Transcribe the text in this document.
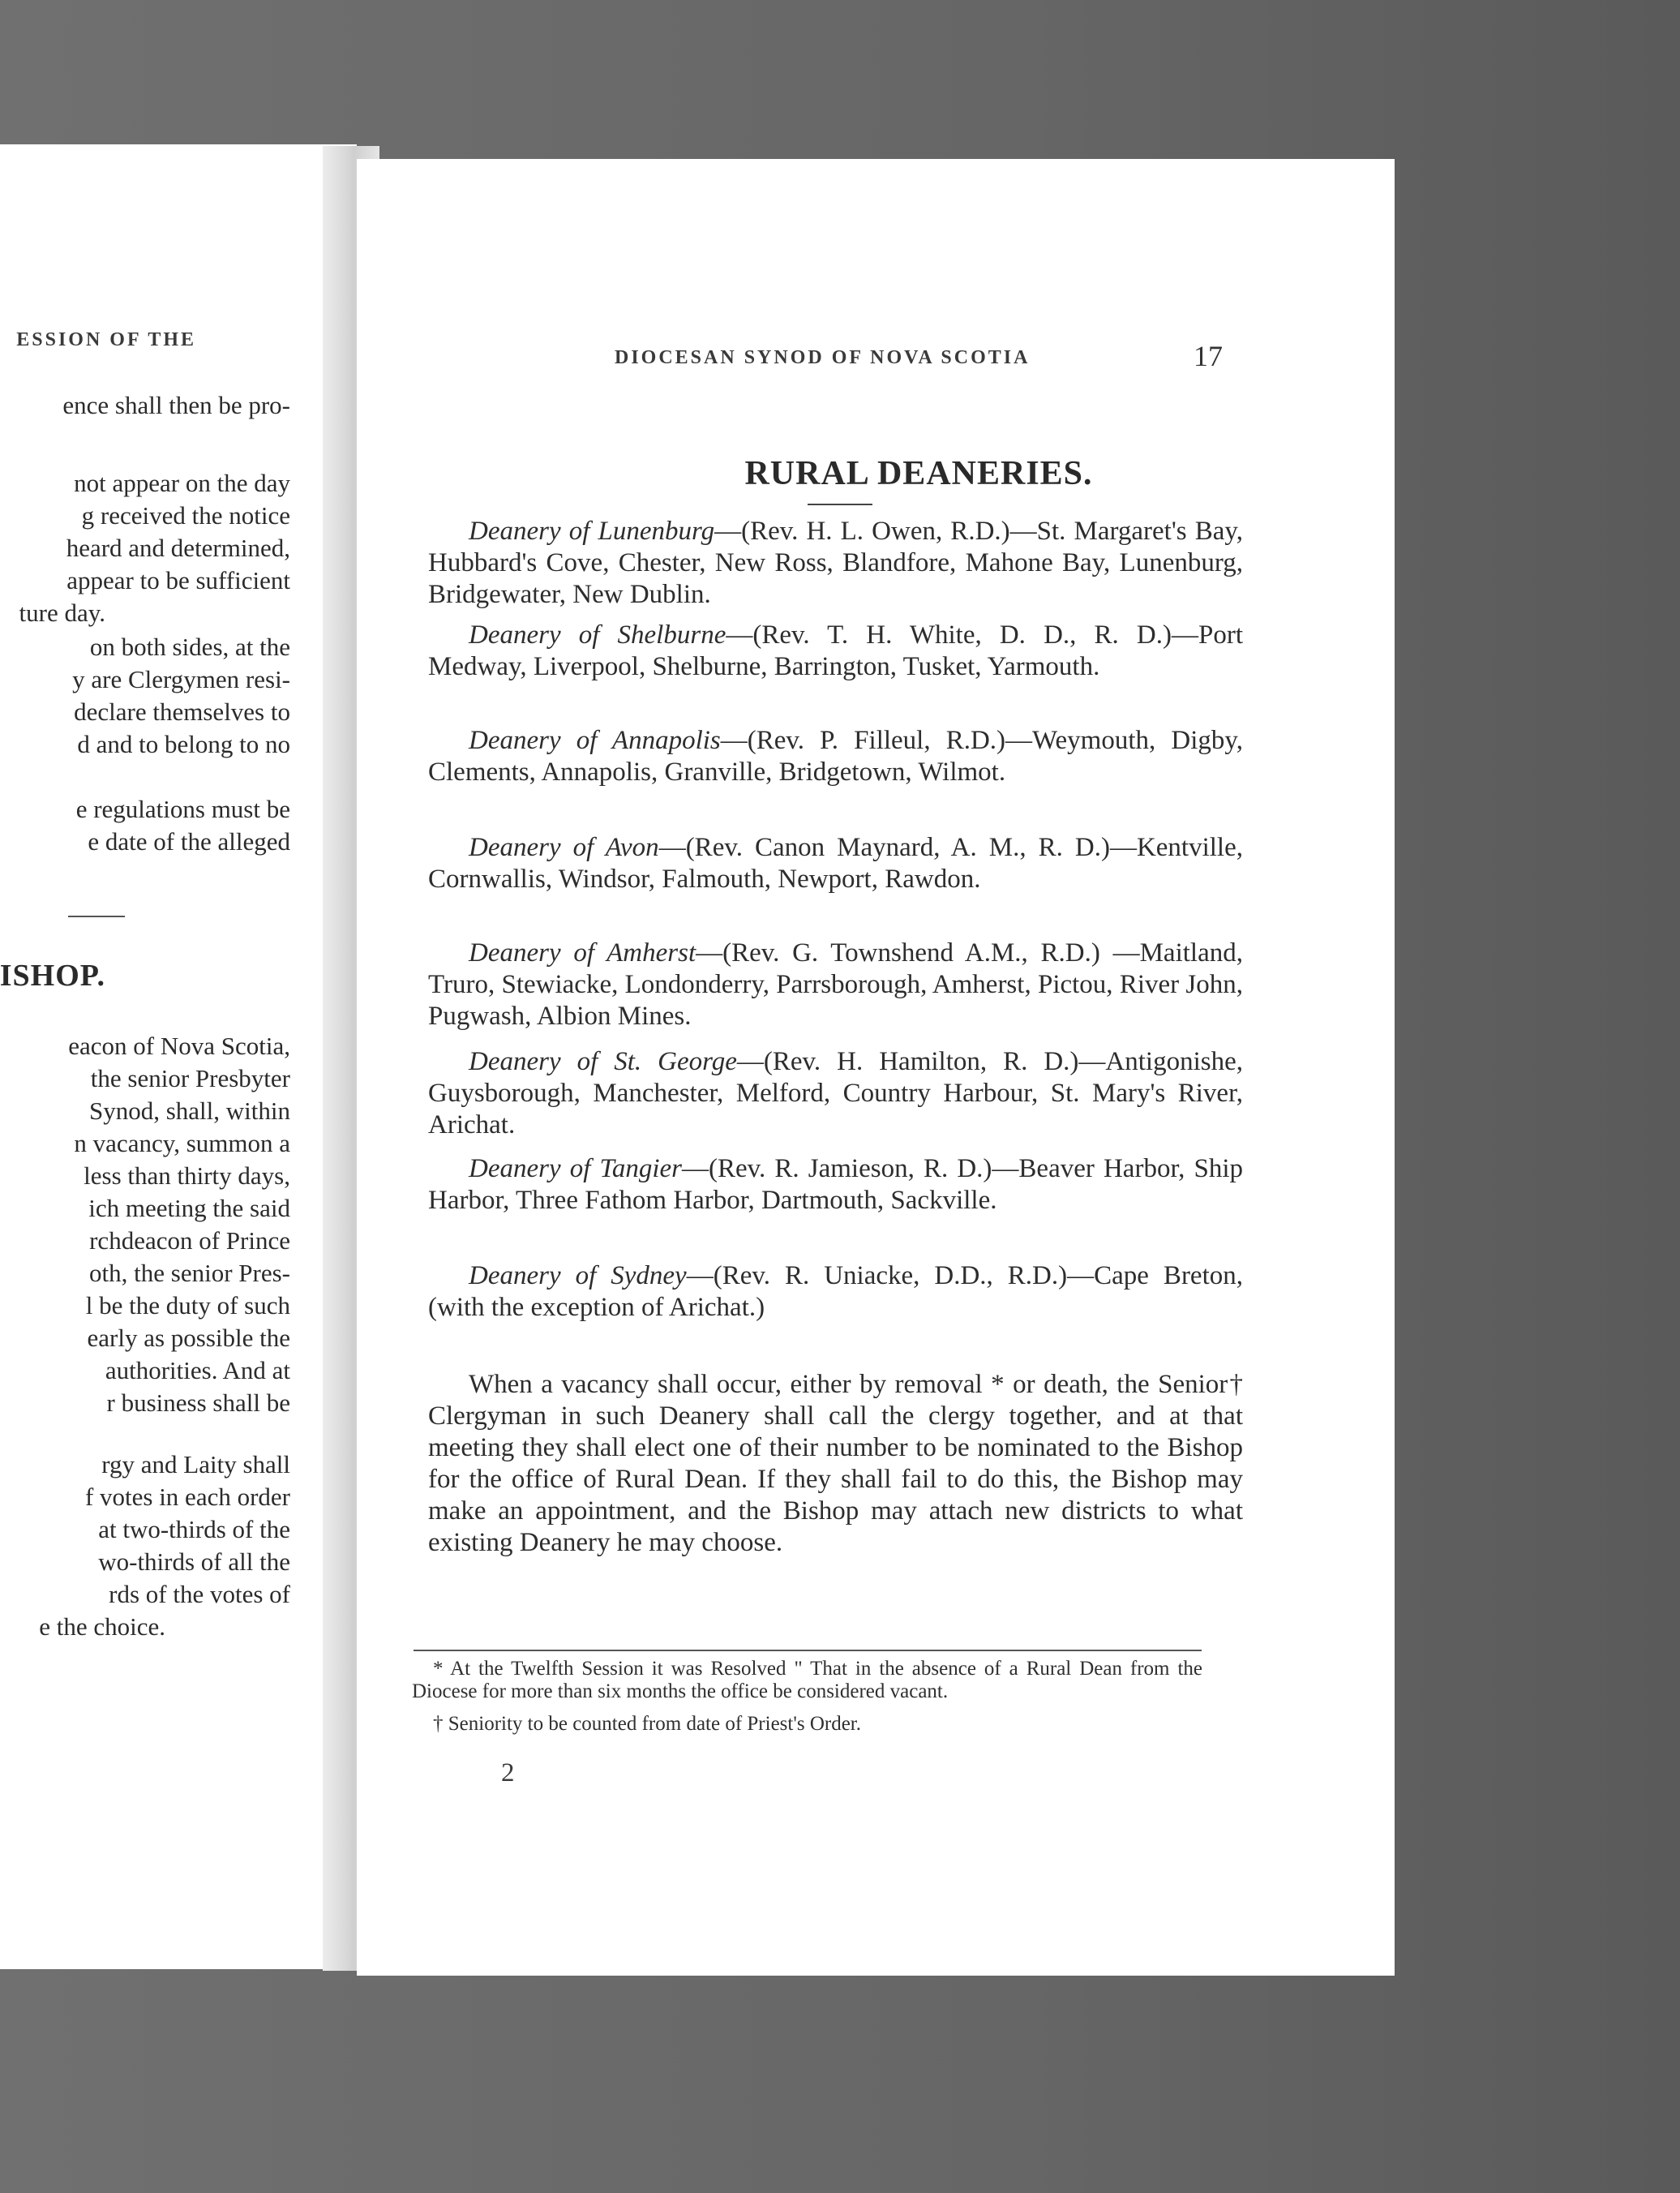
ESSION OF THE
ence shall then be pro-
not appear on the day
g received the notice
heard and determined,
appear to be sufficient
ture day.
on both sides, at the
y are Clergymen resi-
declare themselves to
d and to belong to no
e regulations must be
e date of the alleged
ISHOP.
eacon of Nova Scotia,
the senior Presbyter
Synod, shall, within
n vacancy, summon a
less than thirty days,
ich meeting the said
rchdeacon of Prince
oth, the senior Pres-
l be the duty of such
early as possible the
authorities. And at
r business shall be
rgy and Laity shall
f votes in each order
at two-thirds of the
wo-thirds of all the
rds of the votes of
e the choice.
DIOCESAN SYNOD OF NOVA SCOTIA	17
RURAL DEANERIES.

Deanery of Lunenburg—(Rev. H. L. Owen, R.D.)—St. Margaret's Bay, Hubbard's Cove, Chester, New Ross, Blandfore, Mahone Bay, Lunenburg, Bridgewater, New Dublin.

Deanery of Shelburne—(Rev. T. H. White, D. D., R. D.)—Port Medway, Liverpool, Shelburne, Barrington, Tusket, Yarmouth.

Deanery of Annapolis—(Rev. P. Filleul, R.D.)—Weymouth, Digby, Clements, Annapolis, Granville, Bridgetown, Wilmot.

Deanery of Avon—(Rev. Canon Maynard, A. M., R. D.)—Kentville, Cornwallis, Windsor, Falmouth, Newport, Rawdon.

Deanery of Amherst—(Rev. G. Townshend A.M., R.D.) —Maitland, Truro, Stewiacke, Londonderry, Parrsborough, Amherst, Pictou, River John, Pugwash, Albion Mines.

Deanery of St. George—(Rev. H. Hamilton, R. D.)—Antigonishe, Guysborough, Manchester, Melford, Country Harbour, St. Mary's River, Arichat.

Deanery of Tangier—(Rev. R. Jamieson, R. D.)—Beaver Harbor, Ship Harbor, Three Fathom Harbor, Dartmouth, Sackville.

Deanery of Sydney—(Rev. R. Uniacke, D.D., R.D.)—Cape Breton, (with the exception of Arichat.)

When a vacancy shall occur, either by removal * or death, the Senior† Clergyman in such Deanery shall call the clergy together, and at that meeting they shall elect one of their number to be nominated to the Bishop for the office of Rural Dean. If they shall fail to do this, the Bishop may make an appointment, and the Bishop may attach new districts to what existing Deanery he may choose.

* At the Twelfth Session it was Resolved " That in the absence of a Rural Dean from the Diocese for more than six months the office be considered vacant.

† Seniority to be counted from date of Priest's Order.

2
